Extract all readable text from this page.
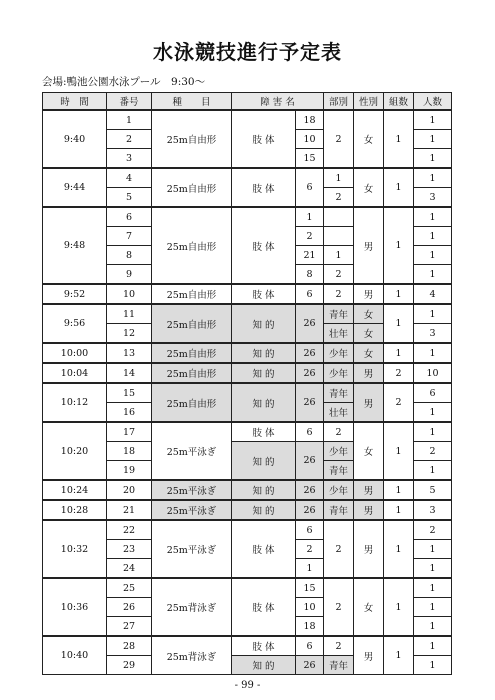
水泳競技進行予定表
会場:鴨池公園水泳プール　9:30～
時　間	番号	種　　目	障 害 名		部別	性別	組数	人数
9:40	1	25m自由形	肢 体	18	2	女	1	1
	2			10				1
	3			15				1
9:44	4	25m自由形	肢 体	6	1	女	1	1
	5				2			3
9:48	6	25m自由形	肢 体	1		男	1	1
	7			2				1
	8			21	1			1
	9			8	2			1
9:52	10	25m自由形	肢 体	6	2	男	1	4
9:56	11	25m自由形	知 的	26	青年	女	1	1
	12				壮年	女		3
10:00	13	25m自由形	知 的	26	少年	女	1	1
10:04	14	25m自由形	知 的	26	少年	男	2	10
10:12	15	25m自由形	知 的	26	青年	男	2	6
	16				壮年			1
10:20	17	25m平泳ぎ	肢 体	6	2	女	1	1
	18		知 的	26	少年			2
	19				青年			1
10:24	20	25m平泳ぎ	知 的	26	少年	男	1	5
10:28	21	25m平泳ぎ	知 的	26	青年	男	1	3
10:32	22	25m平泳ぎ	肢 体	6	2	男	1	2
	23			2				1
	24			1				1
10:36	25	25m背泳ぎ	肢 体	15	2	女	1	1
	26			10				1
	27			18				1
10:40	28	25m背泳ぎ	肢 体	6	2	男	1	1
	29		知 的	26	青年			1
- 99 -
